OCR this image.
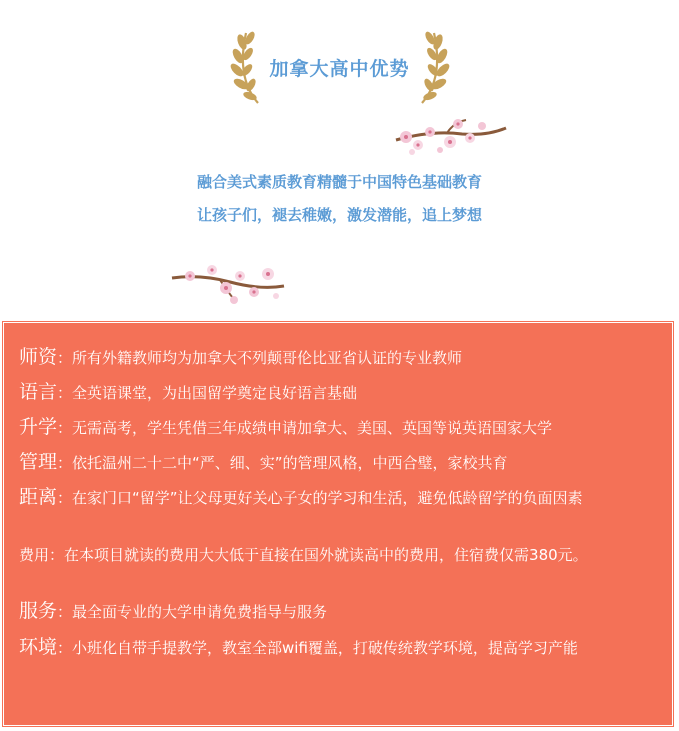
加拿大高中优势
融合美式素质教育精髓于中国特色基础教育
让孩子们，褪去稚嫩，激发潜能，追上梦想
师资：所有外籍教师均为加拿大不列颠哥伦比亚省认证的专业教师
语言：全英语课堂，为出国留学奠定良好语言基础
升学：无需高考，学生凭借三年成绩申请加拿大、美国、英国等说英语国家大学
管理：依托温州二十二中“严、细、实”的管理风格，中西合璧，家校共育
距离：在家门口“留学”让父母更好关心子女的学习和生活，避免低龄留学的负面因素
费用：在本项目就读的费用大大低于直接在国外就读高中的费用，住宿费仅需380元。
服务：最全面专业的大学申请免费指导与服务
环境：小班化自带手提教学，教室全部wifi覆盖，打破传统教学环境，提高学习产能
